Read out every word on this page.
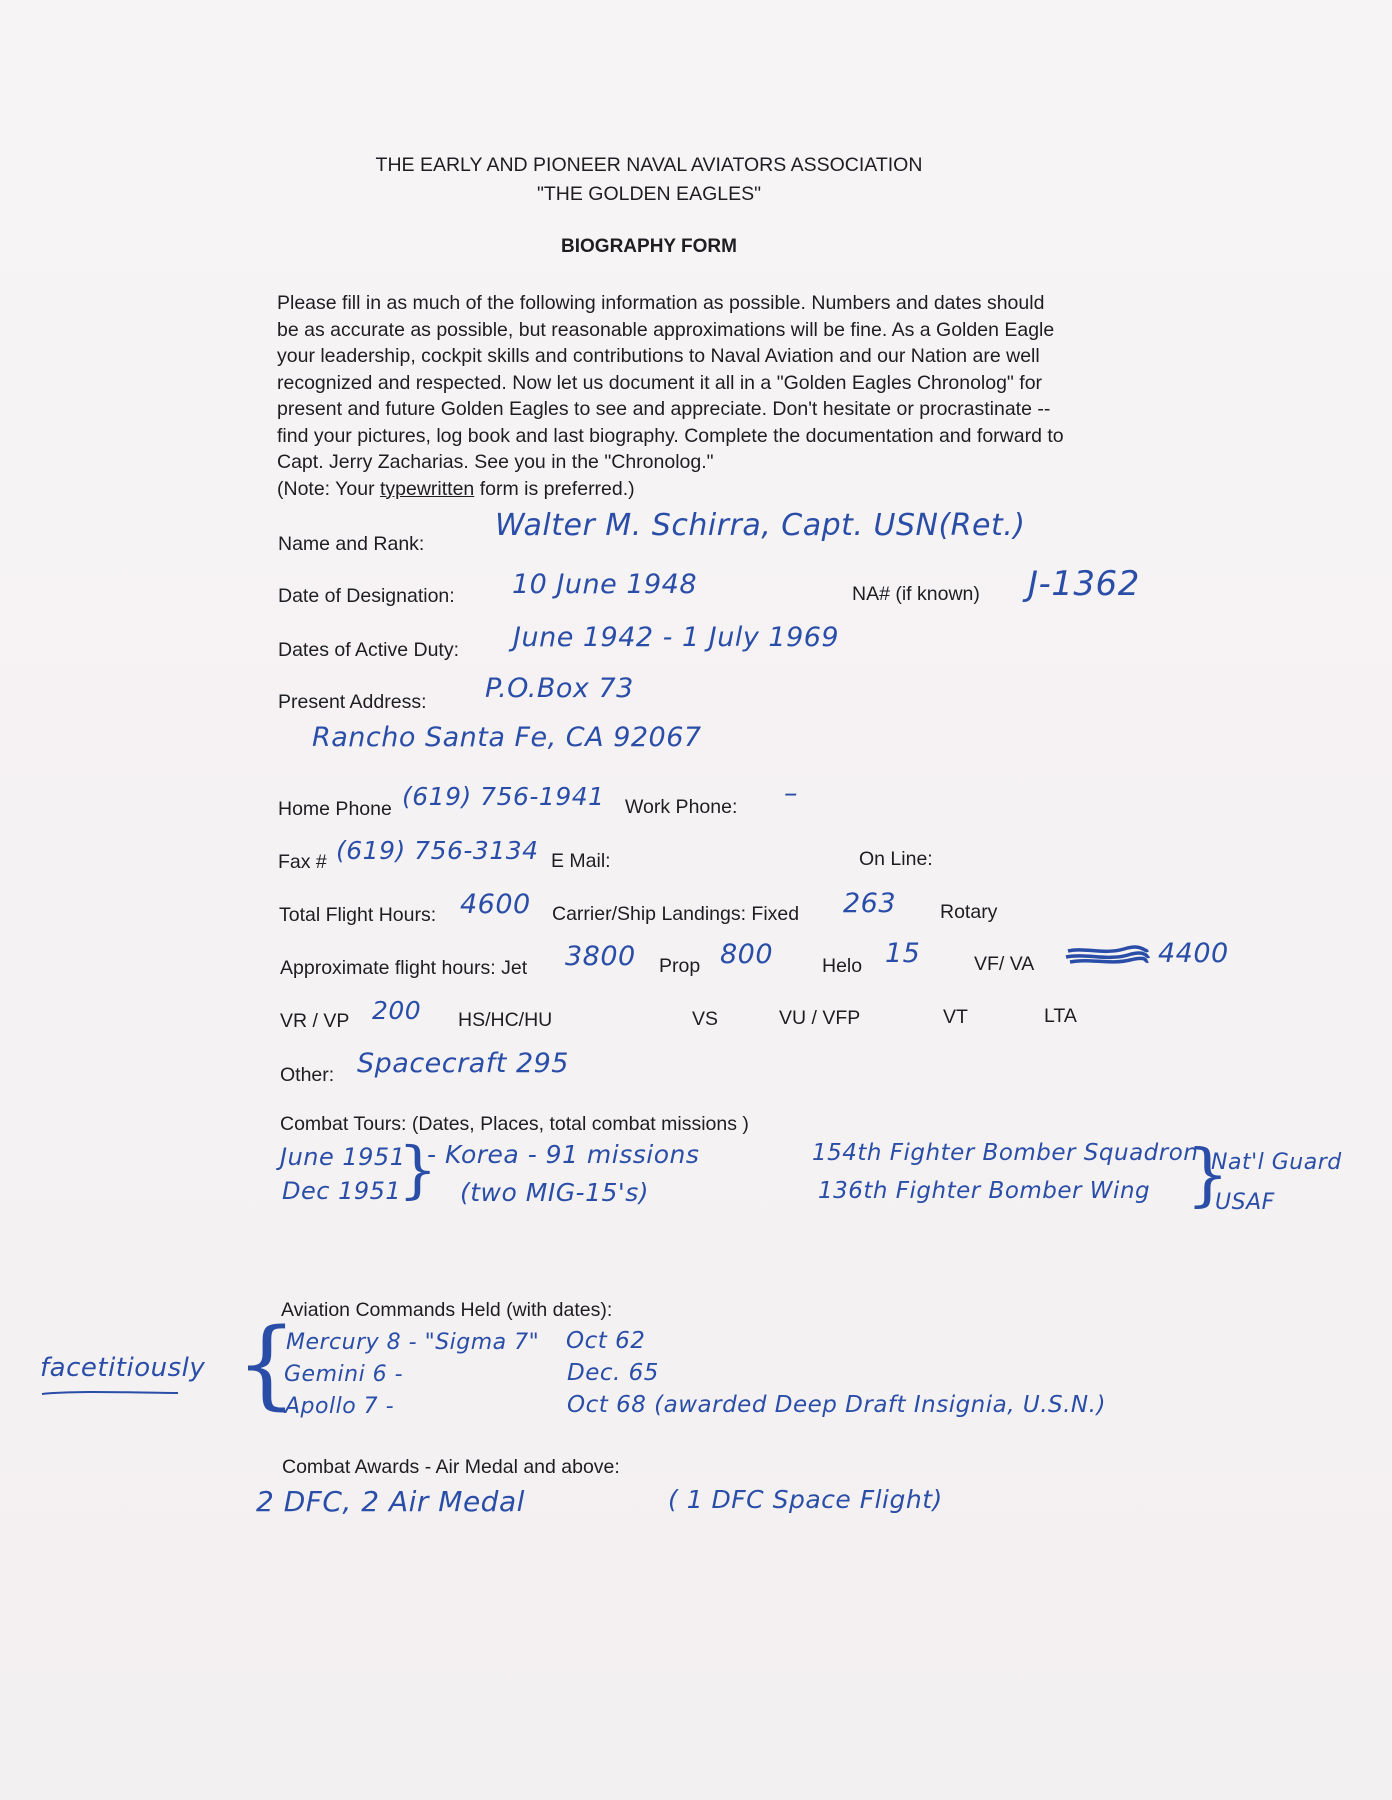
THE EARLY AND PIONEER NAVAL AVIATORS ASSOCIATION
"THE GOLDEN EAGLES"
BIOGRAPHY FORM
Please fill in as much of the following information as possible. Numbers and dates should
be as accurate as possible, but reasonable approximations will be fine. As a Golden Eagle
your leadership, cockpit skills and contributions to Naval Aviation and our Nation are well
recognized and respected. Now let us document it all in a "Golden Eagles Chronolog" for
present and future Golden Eagles to see and appreciate. Don't hesitate or procrastinate --
find your pictures, log book and last biography. Complete the documentation and forward to
Capt. Jerry Zacharias. See you in the "Chronolog."
(Note: Your typewritten form is preferred.)
Name and Rank:
Walter M. Schirra, Capt. USN(Ret.)
Date of Designation: 10 June 1948	NA# (if known) J-1362
Dates of Active Duty: June 1942 - 1 July 1969
Present Address: P.O.Box 73
Rancho Santa Fe, CA 92067
Home Phone (619) 756-1941 Work Phone: –
Fax # (619) 756-3134 E Mail:	On Line:
Total Flight Hours: 4600 Carrier/Ship Landings: Fixed 263 Rotary
Approximate flight hours: Jet 3800 Prop 800	Helo 15	VF/ VA	4400
VR / VP 200 HS/HC/HU	VS	VU / VFP	VT	LTA
Other: Spacecraft 295
Combat Tours: (Dates, Places, total combat missions )
June 1951
Dec 1951
}
- Korea - 91 missions
(two MIG-15's)
154th Fighter Bomber Squadron
136th Fighter Bomber Wing }
Nat'l Guard
USAF
Aviation Commands Held (with dates):
facetitiously {
Mercury 8 - "Sigma 7" Oct 62
Gemini 6 -	Dec. 65
Apollo 7 -	Oct 68 (awarded Deep Draft Insignia, U.S.N.)
Combat Awards - Air Medal and above:
2 DFC, 2 Air Medal	( 1 DFC Space Flight)
